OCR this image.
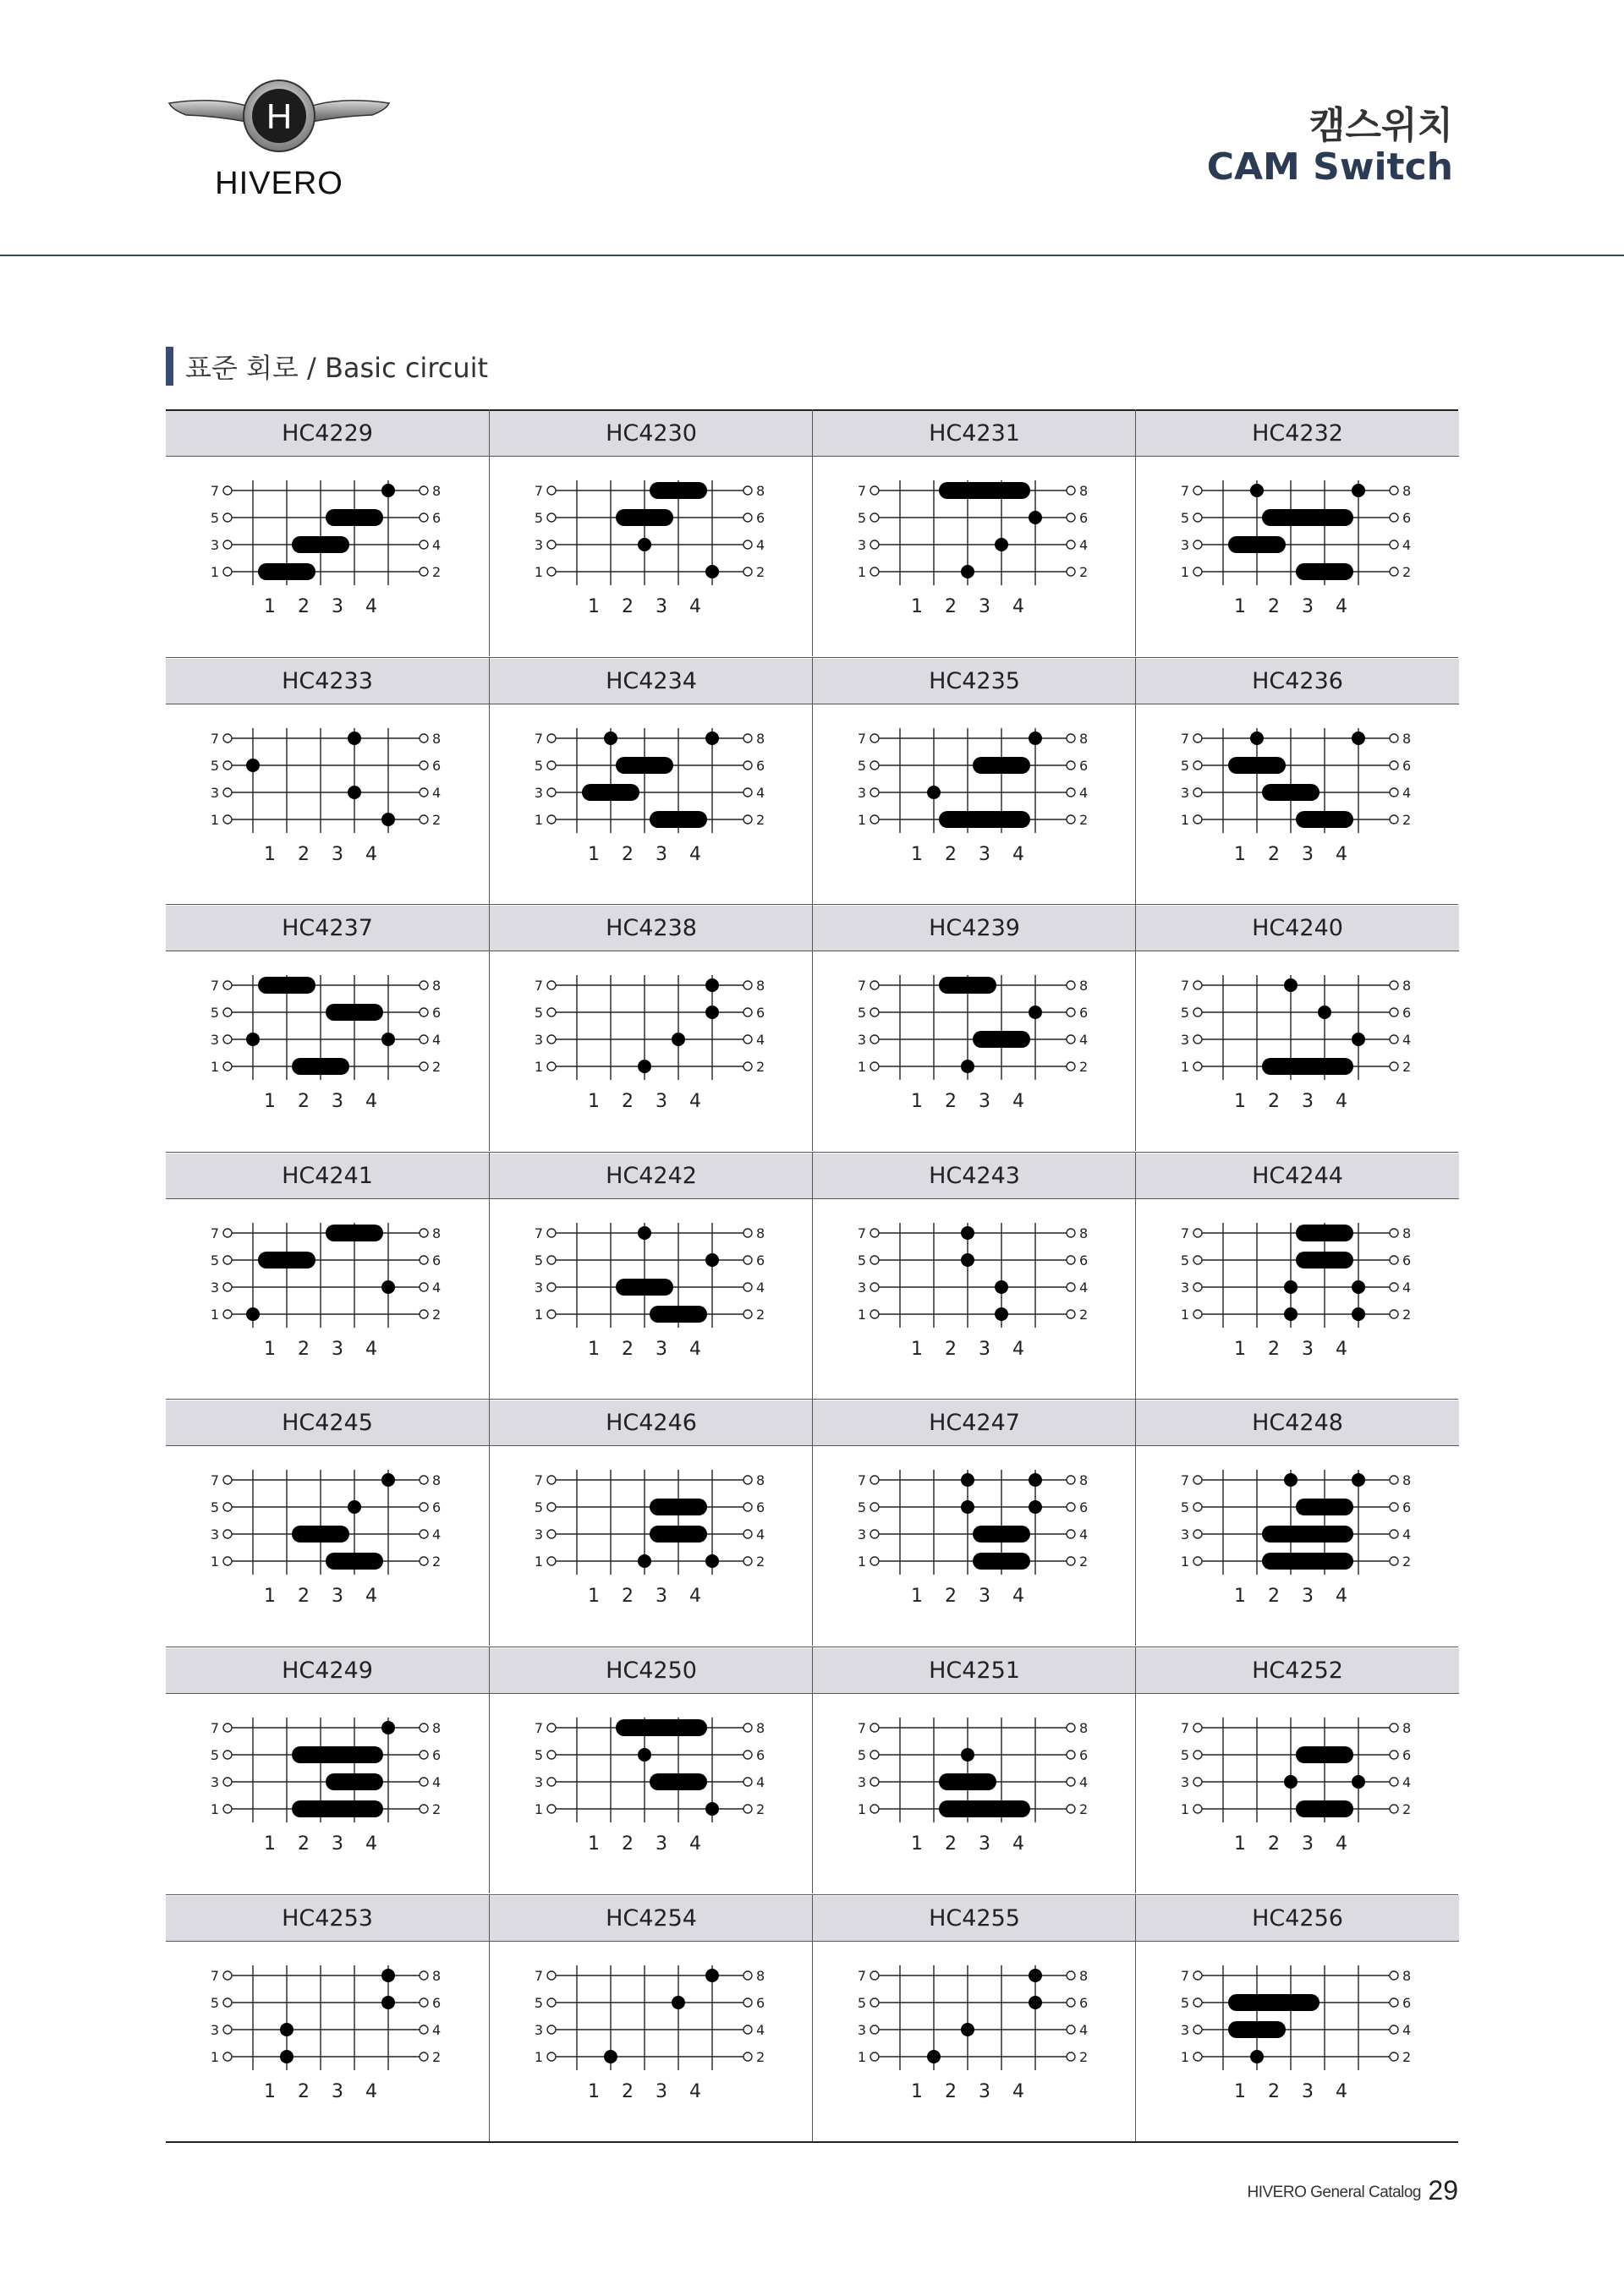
H
HIVERO
캠스위치
CAM Switch
표준 회로 / Basic circuit
HC4229
7	8
5	6
3	4
1	2
1 2 3 4
HC4230
7	8
5	6
3	4
1	2
1 2 3 4
HC4231
7	8
5	6
3	4
1	2
1 2 3 4
HC4232
7	8
5	6
3	4
1	2
1 2 3 4
HC4233
7	8
5	6
3	4
1	2
1 2 3 4
HC4234
7	8
5	6
3	4
1	2
1 2 3 4
HC4235
7	8
5	6
3	4
1	2
1 2 3 4
HC4236
7	8
5	6
3	4
1	2
1 2 3 4
HC4237
7	8
5	6
3	4
1	2
1 2 3 4
HC4238
7	8
5	6
3	4
1	2
1 2 3 4
HC4239
7	8
5	6
3	4
1	2
1 2 3 4
HC4240
7	8
5	6
3	4
1	2
1 2 3 4
HC4241
7	8
5	6
3	4
1	2
1 2 3 4
HC4242
7	8
5	6
3	4
1	2
1 2 3 4
HC4243
7	8
5	6
3	4
1	2
1 2 3 4
HC4244
7	8
5	6
3	4
1	2
1 2 3 4
HC4245
7	8
5	6
3	4
1	2
1 2 3 4
HC4246
7	8
5	6
3	4
1	2
1 2 3 4
HC4247
7	8
5	6
3	4
1	2
1 2 3 4
HC4248
7	8
5	6
3	4
1	2
1 2 3 4
HC4249
7	8
5	6
3	4
1	2
1 2 3 4
HC4250
7	8
5	6
3	4
1	2
1 2 3 4
HC4251
7	8
5	6
3	4
1	2
1 2 3 4
HC4252
7	8
5	6
3	4
1	2
1 2 3 4
HC4253
7	8
5	6
3	4
1	2
1 2 3 4
HC4254
7	8
5	6
3	4
1	2
1 2 3 4
HC4255
7	8
5	6
3	4
1	2
1 2 3 4
HC4256
7	8
5	6
3	4
1	2
1 2 3 4
HIVERO General Catalog 29
